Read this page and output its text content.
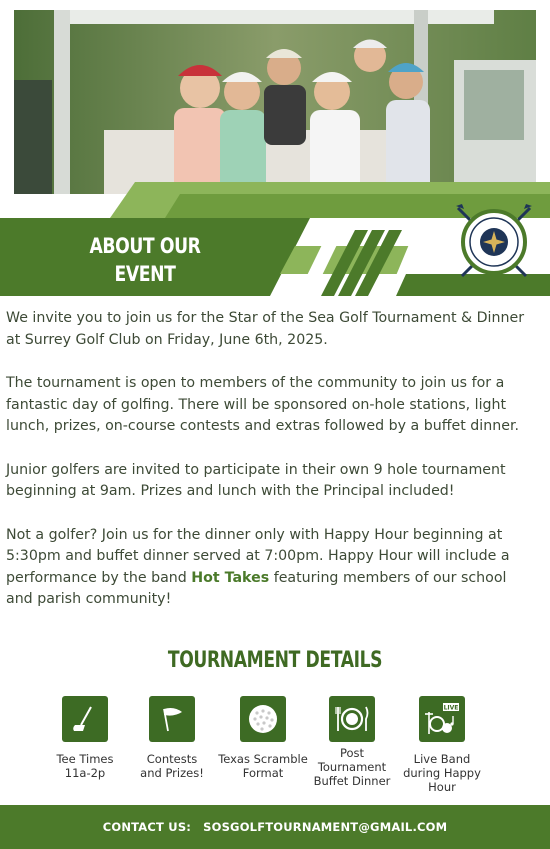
ABOUT OUR
EVENT

We invite you to join us for the Star of the Sea Golf Tournament & Dinner at Surrey Golf Club on Friday, June 6th, 2025.

The tournament is open to members of the community to join us for a fantastic day of golfing. There will be sponsored on-hole stations, light lunch, prizes, on-course contests and extras followed by a buffet dinner.

Junior golfers are invited to participate in their own 9 hole tournament beginning at 9am. Prizes and lunch with the Principal included!

Not a golfer? Join us for the dinner only with Happy Hour beginning at 5:30pm and buffet dinner served at 7:00pm. Happy Hour will include a performance by the band Hot Takes featuring members of our school and parish community!

TOURNAMENT DETAILS
Tee Times
11a-2p
Contests
and Prizes!
Texas Scramble
Format
Post
Tournament
Buffet Dinner
LIVE
Live Band
during Happy
Hour
CONTACT US: SOSGOLFTOURNAMENT@GMAIL.COM
